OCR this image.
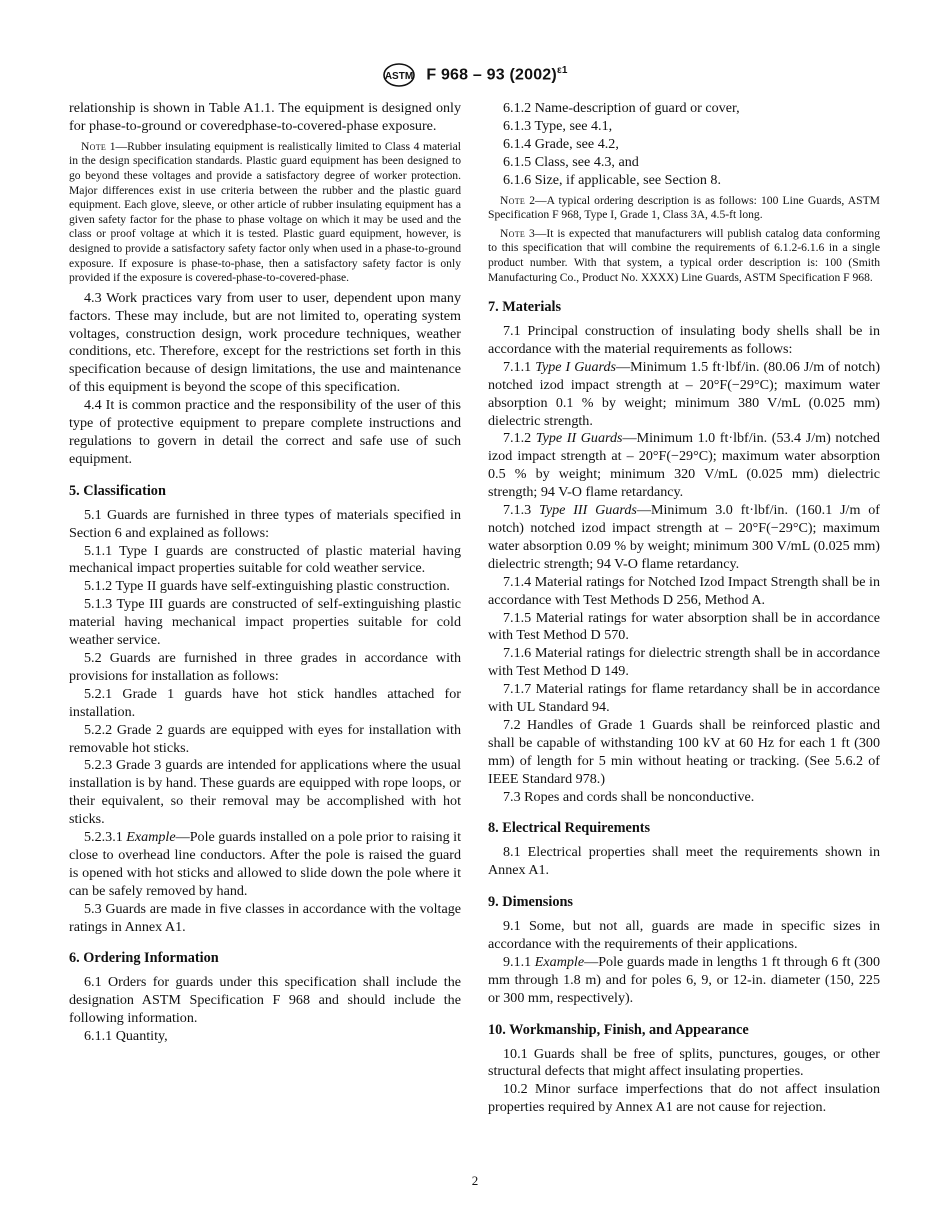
ASTM F 968 – 93 $(2002)^{\varepsilon 1}$

relationship is shown in Table A1.1. The equipment is designed only for phase-to-ground or coveredphase-to-covered-phase exposure.

Note 1—Rubber insulating equipment is realistically limited to Class 4 material in the design specification standards. Plastic guard equipment has been designed to go beyond these voltages and provide a satisfactory degree of worker protection. Major differences exist in use criteria between the rubber and the plastic guard equipment. Each glove, sleeve, or other article of rubber insulating equipment has a given safety factor for the phase to phase voltage on which it may be used and the class or proof voltage at which it is tested. Plastic guard equipment, however, is designed to provide a satisfactory safety factor only when used in a phase-to-ground exposure. If exposure is phase-to-phase, then a satisfactory safety factor is only provided if the exposure is covered-phase-to-covered-phase.

4.3 Work practices vary from user to user, dependent upon many factors. These may include, but are not limited to, operating system voltages, construction design, work procedure techniques, weather conditions, etc. Therefore, except for the restrictions set forth in this specification because of design limitations, the use and maintenance of this equipment is beyond the scope of this specification.

4.4 It is common practice and the responsibility of the user of this type of protective equipment to prepare complete instructions and regulations to govern in detail the correct and safe use of such equipment.

5. Classification

5.1 Guards are furnished in three types of materials specified in Section 6 and explained as follows:

5.1.1 Type I guards are constructed of plastic material having mechanical impact properties suitable for cold weather service.

5.1.2 Type II guards have self-extinguishing plastic construction.

5.1.3 Type III guards are constructed of self-extinguishing plastic material having mechanical impact properties suitable for cold weather service.

5.2 Guards are furnished in three grades in accordance with provisions for installation as follows:

5.2.1 Grade 1 guards have hot stick handles attached for installation.

5.2.2 Grade 2 guards are equipped with eyes for installation with removable hot sticks.

5.2.3 Grade 3 guards are intended for applications where the usual installation is by hand. These guards are equipped with rope loops, or their equivalent, so their removal may be accomplished with hot sticks.

5.2.3.1 Example—Pole guards installed on a pole prior to raising it close to overhead line conductors. After the pole is raised the guard is opened with hot sticks and allowed to slide down the pole where it can be safely removed by hand.

5.3 Guards are made in five classes in accordance with the voltage ratings in Annex A1.

6. Ordering Information

6.1 Orders for guards under this specification shall include the designation ASTM Specification F 968 and should include the following information.

6.1.1 Quantity,

6.1.2 Name-description of guard or cover,

6.1.3 Type, see 4.1,

6.1.4 Grade, see 4.2,

6.1.5 Class, see 4.3, and

6.1.6 Size, if applicable, see Section 8.

Note 2—A typical ordering description is as follows: 100 Line Guards, ASTM Specification F 968, Type I, Grade 1, Class 3A, 4.5-ft long.

Note 3—It is expected that manufacturers will publish catalog data conforming to this specification that will combine the requirements of 6.1.2-6.1.6 in a single product number. With that system, a typical order description is: 100 (Smith Manufacturing Co., Product No. XXXX) Line Guards, ASTM Specification F 968.

7. Materials

7.1 Principal construction of insulating body shells shall be in accordance with the material requirements as follows:

7.1.1 Type I Guards—Minimum 1.5 ft·lbf/in. (80.06 J/m of notch) notched izod impact strength at – 20°F(−29°C); maximum water absorption 0.1 % by weight; minimum 380 V/mL (0.025 mm) dielectric strength.

7.1.2 Type II Guards—Minimum 1.0 ft·lbf/in. (53.4 J/m) notched izod impact strength at – 20°F(−29°C); maximum water absorption 0.5 % by weight; minimum 320 V/mL (0.025 mm) dielectric strength; 94 V-O flame retardancy.

7.1.3 Type III Guards—Minimum 3.0 ft·lbf/in. (160.1 J/m of notch) notched izod impact strength at – 20°F(−29°C); maximum water absorption 0.09 % by weight; minimum 300 V/mL (0.025 mm) dielectric strength; 94 V-O flame retardancy.

7.1.4 Material ratings for Notched Izod Impact Strength shall be in accordance with Test Methods D 256, Method A.

7.1.5 Material ratings for water absorption shall be in accordance with Test Method D 570.

7.1.6 Material ratings for dielectric strength shall be in accordance with Test Method D 149.

7.1.7 Material ratings for flame retardancy shall be in accordance with UL Standard 94.

7.2 Handles of Grade 1 Guards shall be reinforced plastic and shall be capable of withstanding 100 kV at 60 Hz for each 1 ft (300 mm) of length for 5 min without heating or tracking. (See 5.6.2 of IEEE Standard 978.)

7.3 Ropes and cords shall be nonconductive.

8. Electrical Requirements

8.1 Electrical properties shall meet the requirements shown in Annex A1.

9. Dimensions

9.1 Some, but not all, guards are made in specific sizes in accordance with the requirements of their applications.

9.1.1 Example—Pole guards made in lengths 1 ft through 6 ft (300 mm through 1.8 m) and for poles 6, 9, or 12-in. diameter (150, 225 or 300 mm, respectively).

10. Workmanship, Finish, and Appearance

10.1 Guards shall be free of splits, punctures, gouges, or other structural defects that might affect insulating properties.

10.2 Minor surface imperfections that do not affect insulation properties required by Annex A1 are not cause for rejection.

2
